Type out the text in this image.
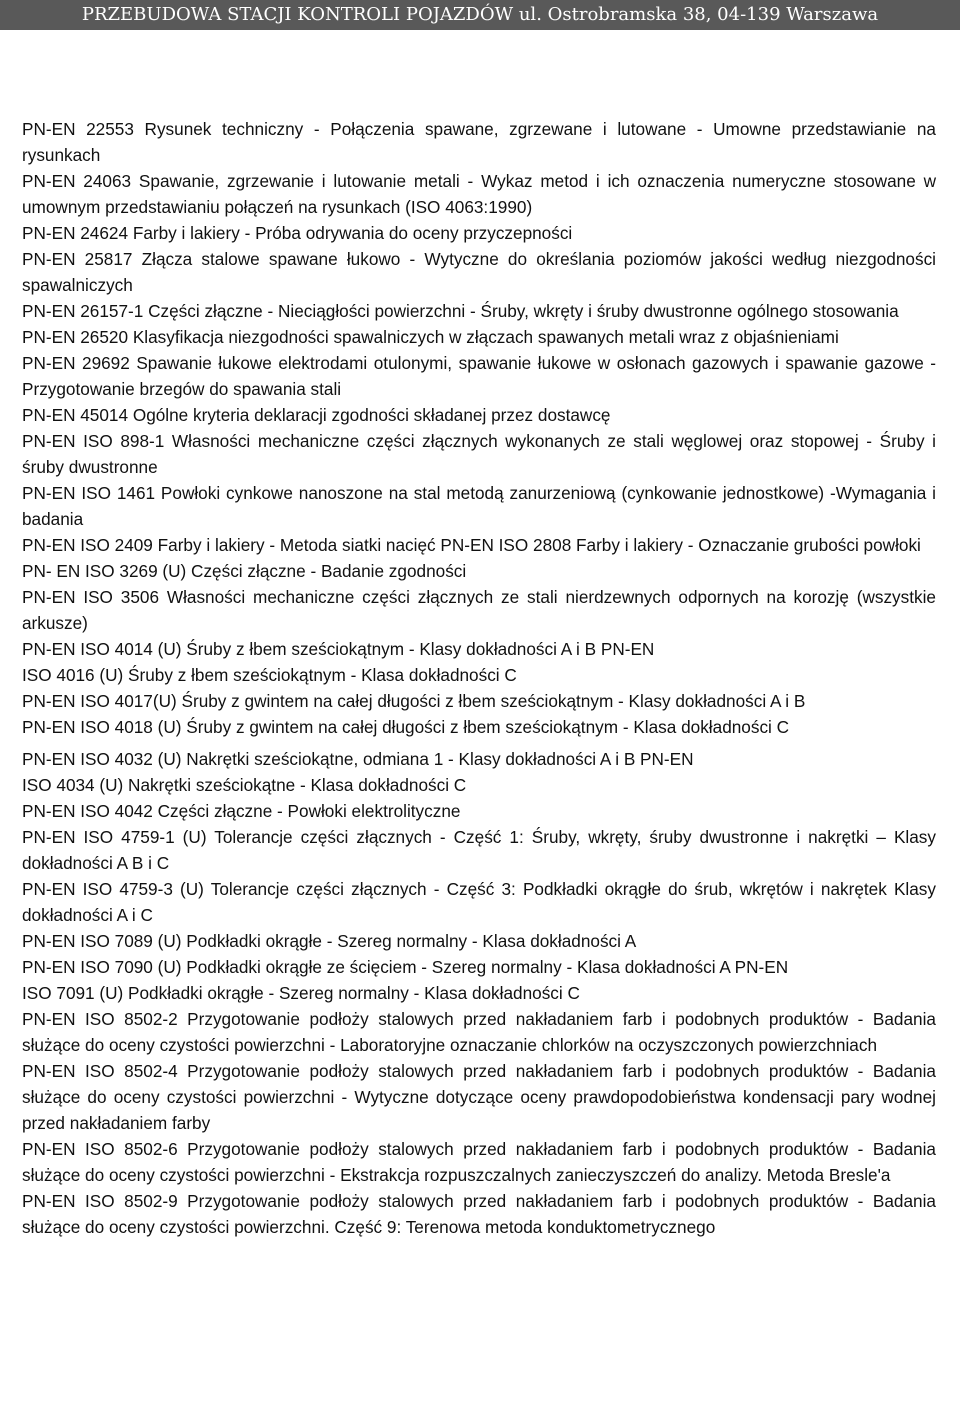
PRZEBUDOWA STACJI KONTROLI POJAZDÓW ul. Ostrobramska 38, 04-139 Warszawa

PN-EN 22553 Rysunek techniczny - Połączenia spawane, zgrzewane i lutowane - Umowne przedstawianie na rysunkach

PN-EN 24063 Spawanie, zgrzewanie i lutowanie metali - Wykaz metod i ich oznaczenia numeryczne stosowane w umownym przedstawianiu połączeń na rysunkach (ISO 4063:1990)

PN-EN 24624 Farby i lakiery - Próba odrywania do oceny przyczepności

PN-EN 25817 Złącza stalowe spawane łukowo - Wytyczne do określania poziomów jakości według niezgodności spawalniczych

PN-EN 26157-1 Części złączne - Nieciągłości powierzchni - Śruby, wkręty i śruby dwustronne ogólnego stosowania

PN-EN 26520 Klasyfikacja niezgodności spawalniczych w złączach spawanych metali wraz z objaśnieniami

PN-EN 29692 Spawanie łukowe elektrodami otulonymi, spawanie łukowe w osłonach gazowych i spawanie gazowe - Przygotowanie brzegów do spawania stali

PN-EN 45014 Ogólne kryteria deklaracji zgodności składanej przez dostawcę

PN-EN ISO 898-1 Własności mechaniczne części złącznych wykonanych ze stali węglowej oraz stopowej - Śruby i śruby dwustronne

PN-EN ISO 1461 Powłoki cynkowe nanoszone na stal metodą zanurzeniową (cynkowanie jednostkowe) -Wymagania i badania

PN-EN ISO 2409 Farby i lakiery - Metoda siatki nacięć PN-EN ISO 2808 Farby i lakiery - Oznaczanie grubości powłoki

PN- EN ISO 3269 (U) Części złączne - Badanie zgodności

PN-EN ISO 3506 Własności mechaniczne części złącznych ze stali nierdzewnych odpornych na korozję (wszystkie arkusze)

PN-EN ISO 4014 (U) Śruby z łbem sześciokątnym - Klasy dokładności A i B PN-EN

ISO 4016 (U) Śruby z łbem sześciokątnym - Klasa dokładności C

PN-EN ISO 4017(U) Śruby z gwintem na całej długości z łbem sześciokątnym - Klasy dokładności A i B

PN-EN ISO 4018 (U) Śruby z gwintem na całej długości z łbem sześciokątnym - Klasa dokładności C

PN-EN ISO 4032 (U) Nakrętki sześciokątne, odmiana 1 - Klasy dokładności A i B PN-EN

ISO 4034 (U) Nakrętki sześciokątne - Klasa dokładności C

PN-EN ISO 4042 Części złączne - Powłoki elektrolityczne

PN-EN ISO 4759-1 (U) Tolerancje części złącznych - Część 1: Śruby, wkręty, śruby dwustronne i nakrętki – Klasy dokładności A B i C

PN-EN ISO 4759-3 (U) Tolerancje części złącznych - Część 3: Podkładki okrągłe do śrub, wkrętów i nakrętek Klasy dokładności A i C

PN-EN ISO 7089 (U) Podkładki okrągłe - Szereg normalny - Klasa dokładności A

PN-EN ISO 7090 (U) Podkładki okrągłe ze ścięciem - Szereg normalny - Klasa dokładności A PN-EN

ISO 7091 (U) Podkładki okrągłe - Szereg normalny - Klasa dokładności C

PN-EN ISO 8502-2 Przygotowanie podłoży stalowych przed nakładaniem farb i podobnych produktów - Badania służące do oceny czystości powierzchni - Laboratoryjne oznaczanie chlorków na oczyszczonych powierzchniach

PN-EN ISO 8502-4 Przygotowanie podłoży stalowych przed nakładaniem farb i podobnych produktów - Badania służące do oceny czystości powierzchni - Wytyczne dotyczące oceny prawdopodobieństwa kondensacji pary wodnej przed nakładaniem farby

PN-EN ISO 8502-6 Przygotowanie podłoży stalowych przed nakładaniem farb i podobnych produktów - Badania służące do oceny czystości powierzchni - Ekstrakcja rozpuszczalnych zanieczyszczeń do analizy. Metoda Bresle'a

PN-EN ISO 8502-9 Przygotowanie podłoży stalowych przed nakładaniem farb i podobnych produktów - Badania służące do oceny czystości powierzchni. Część 9: Terenowa metoda konduktometrycznego
